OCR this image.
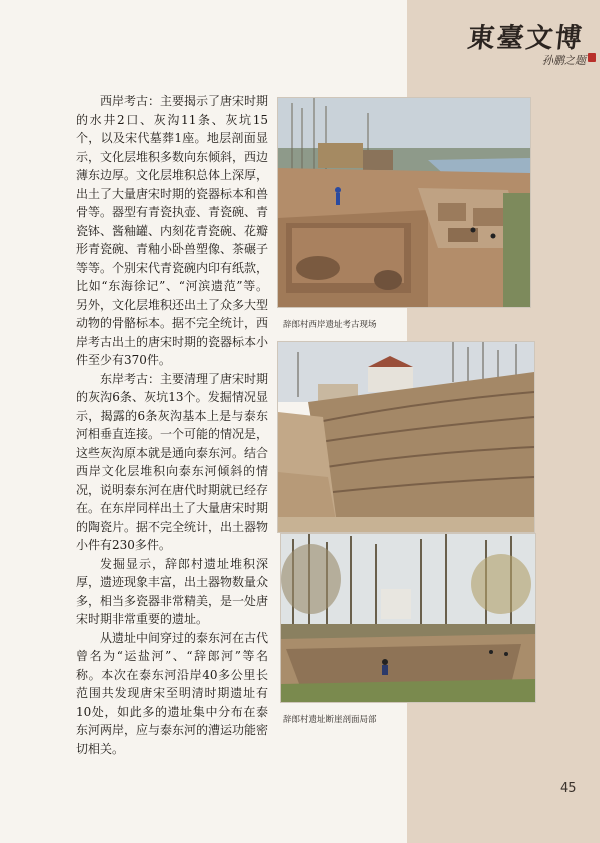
東臺文博
孙鹏之题

西岸考古：主要揭示了唐宋时期的水井2口、灰沟11条、灰坑15个，以及宋代墓葬1座。地层剖面显示，文化层堆积多数向东倾斜，西边薄东边厚。文化层堆积总体上深厚，出土了大量唐宋时期的瓷器标本和兽骨等。器型有青瓷执壶、青瓷碗、青瓷钵、酱釉罐、内刻花青瓷碗、花瓣形青瓷碗、青釉小卧兽塑像、茶碾子等等。个别宋代青瓷碗内印有纸款，比如“东海徐记”、“河滨遗范”等。另外，文化层堆积还出土了众多大型动物的骨骼标本。据不完全统计，西岸考古出土的唐宋时期的瓷器标本小件至少有370件。

东岸考古：主要清理了唐宋时期的灰沟6条、灰坑13个。发掘情况显示，揭露的6条灰沟基本上是与泰东河相垂直连接。一个可能的情况是，这些灰沟原本就是通向泰东河。结合西岸文化层堆积向泰东河倾斜的情况，说明泰东河在唐代时期就已经存在。在东岸同样出土了大量唐宋时期的陶瓷片。据不完全统计，出土器物小件有230多件。

发掘显示，辞郎村遗址堆积深厚，遗迹现象丰富，出土器物数量众多，相当多瓷器非常精美，是一处唐宋时期非常重要的遗址。

从遗址中间穿过的泰东河在古代曾名为“运盐河”、“辞郎河”等名称。本次在泰东河沿岸40多公里长范围共发现唐宋至明清时期遗址有10处，如此多的遗址集中分布在泰东河两岸，应与泰东河的漕运功能密切相关。

辞郎村西岸遗址考古现场
辞郎村遗址断崖剖面局部
45
